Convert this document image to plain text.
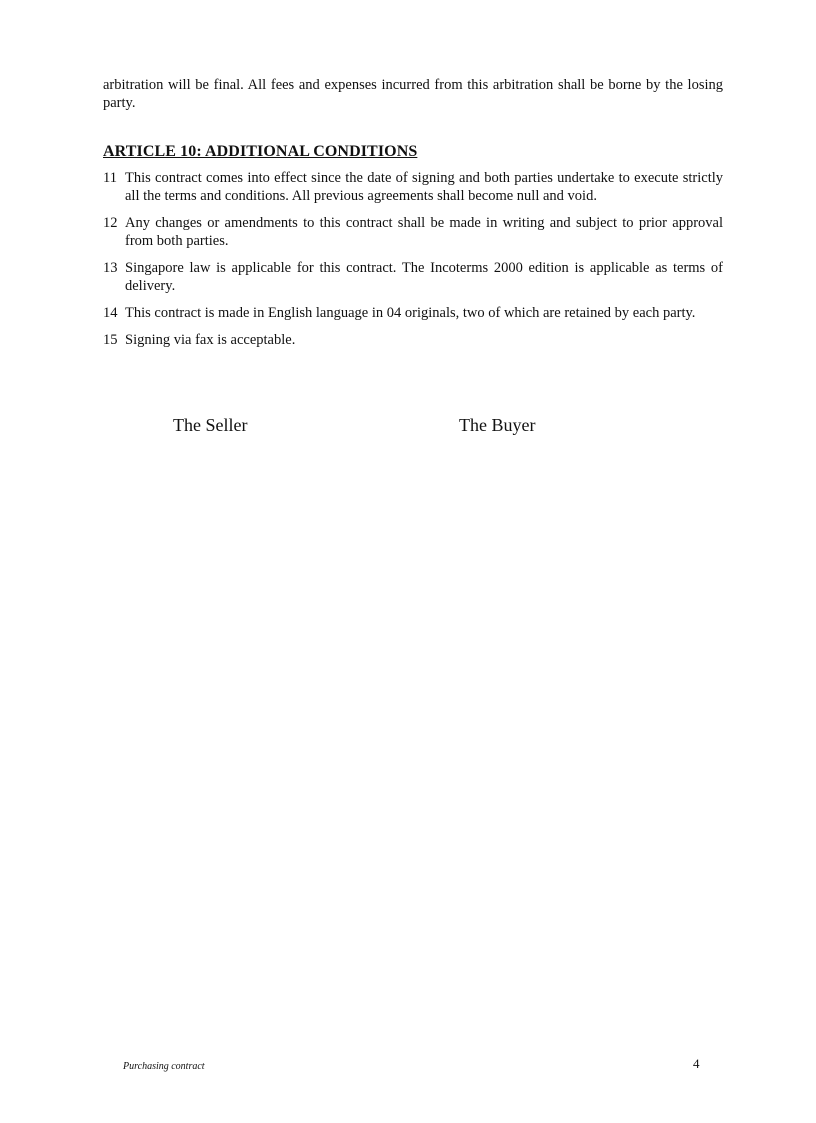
arbitration will be final. All fees and expenses incurred from this arbitration shall be borne by the losing party.

ARTICLE 10: ADDITIONAL CONDITIONS
11 This contract comes into effect since the date of signing and both parties undertake to execute strictly all the terms and conditions. All previous agreements shall become null and void.
12 Any changes or amendments to this contract shall be made in writing and subject to prior approval from both parties.
13 Singapore law is applicable for this contract. The Incoterms 2000 edition is applicable as terms of delivery.
14 This contract is made in English language in 04 originals, two of which are retained by each party.
15 Signing via fax is acceptable.
The Seller	The Buyer
Purchasing contract	4
